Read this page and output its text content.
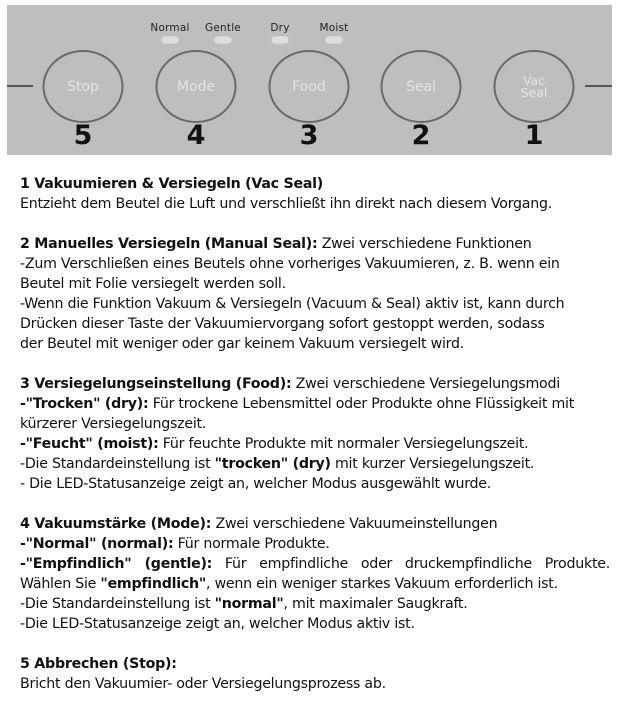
Normal Gentle	Dry	Moist
Stop
5
Mode
4
Food
3
Seal
2
Vac
Seal
1

1 Vakuumieren & Versiegeln (Vac Seal)
Entzieht dem Beutel die Luft und verschließt ihn direkt nach diesem Vorgang.

2 Manuelles Versiegeln (Manual Seal): Zwei verschiedene Funktionen
-Zum Verschließen eines Beutels ohne vorheriges Vakuumieren, z. B. wenn ein
Beutel mit Folie versiegelt werden soll.
-Wenn die Funktion Vakuum & Versiegeln (Vacuum & Seal) aktiv ist, kann durch
Drücken dieser Taste der Vakuumiervorgang sofort gestoppt werden, sodass
der Beutel mit weniger oder gar keinem Vakuum versiegelt wird.

3 Versiegelungseinstellung (Food): Zwei verschiedene Versiegelungsmodi
-"Trocken" (dry): Für trockene Lebensmittel oder Produkte ohne Flüssigkeit mit
kürzerer Versiegelungszeit.
-"Feucht" (moist): Für feuchte Produkte mit normaler Versiegelungszeit.
-Die Standardeinstellung ist "trocken" (dry) mit kurzer Versiegelungszeit.
- Die LED-Statusanzeige zeigt an, welcher Modus ausgewählt wurde.

4 Vakuumstärke (Mode): Zwei verschiedene Vakuumeinstellungen
-"Normal" (normal): Für normale Produkte.
-"Empfindlich" (gentle): Für empfindliche oder druckempfindliche Produkte.
Wählen Sie "empfindlich", wenn ein weniger starkes Vakuum erforderlich ist.
-Die Standardeinstellung ist "normal", mit maximaler Saugkraft.
-Die LED-Statusanzeige zeigt an, welcher Modus aktiv ist.

5 Abbrechen (Stop):
Bricht den Vakuumier- oder Versiegelungsprozess ab.
